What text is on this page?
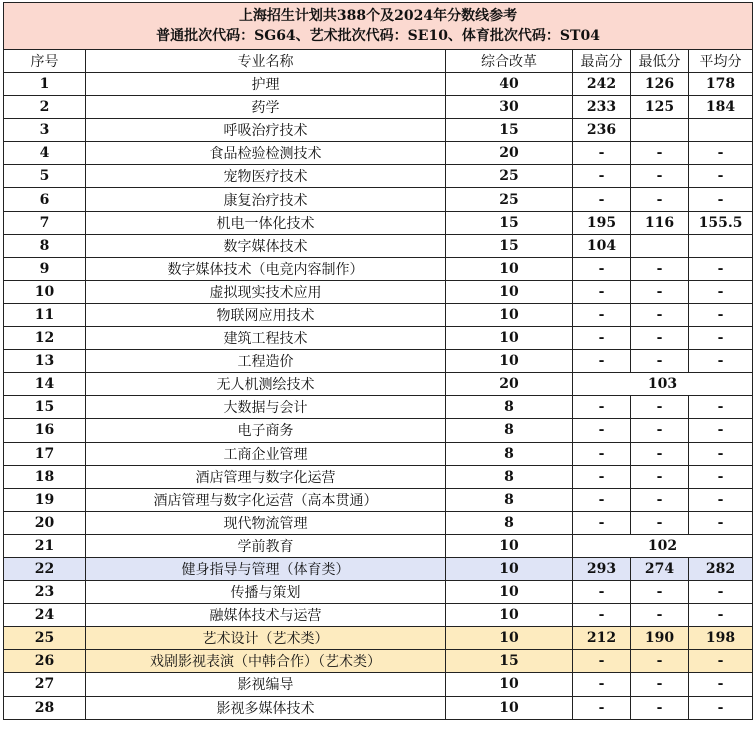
上海招生计划共388个及2024年分数线参考
普通批次代码：SG64、艺术批次代码：SE10、体育批次代码：ST04					

序号	专业名称	综合改革	最高分	最低分	平均分
1	护理	40	242	126	178
2	药学	30	233	125	184
3	呼吸治疗技术	15	236		
4	食品检验检测技术	20	-	-	-
5	宠物医疗技术	25	-	-	-
6	康复治疗技术	25	-	-	-
7	机电一体化技术	15	195	116	155.5
8	数字媒体技术	15	104		
9	数字媒体技术（电竞内容制作）	10	-	-	-
10	虚拟现实技术应用	10	-	-	-
11	物联网应用技术	10	-	-	-
12	建筑工程技术	10	-	-	-
13	工程造价	10	-	-	-
14	无人机测绘技术	20	103		
15	大数据与会计	8	-	-	-
16	电子商务	8	-	-	-
17	工商企业管理	8	-	-	-
18	酒店管理与数字化运营	8	-	-	-
19	酒店管理与数字化运营（高本贯通）	8	-	-	-
20	现代物流管理	8	-	-	-
21	学前教育	10	102		
22	健身指导与管理（体育类）	10	293	274	282
23	传播与策划	10	-	-	-
24	融媒体技术与运营	10	-	-	-
25	艺术设计（艺术类）	10	212	190	198
26	戏剧影视表演（中韩合作）（艺术类）	15	-	-	-
27	影视编导	10	-	-	-
28	影视多媒体技术	10	-	-	-
